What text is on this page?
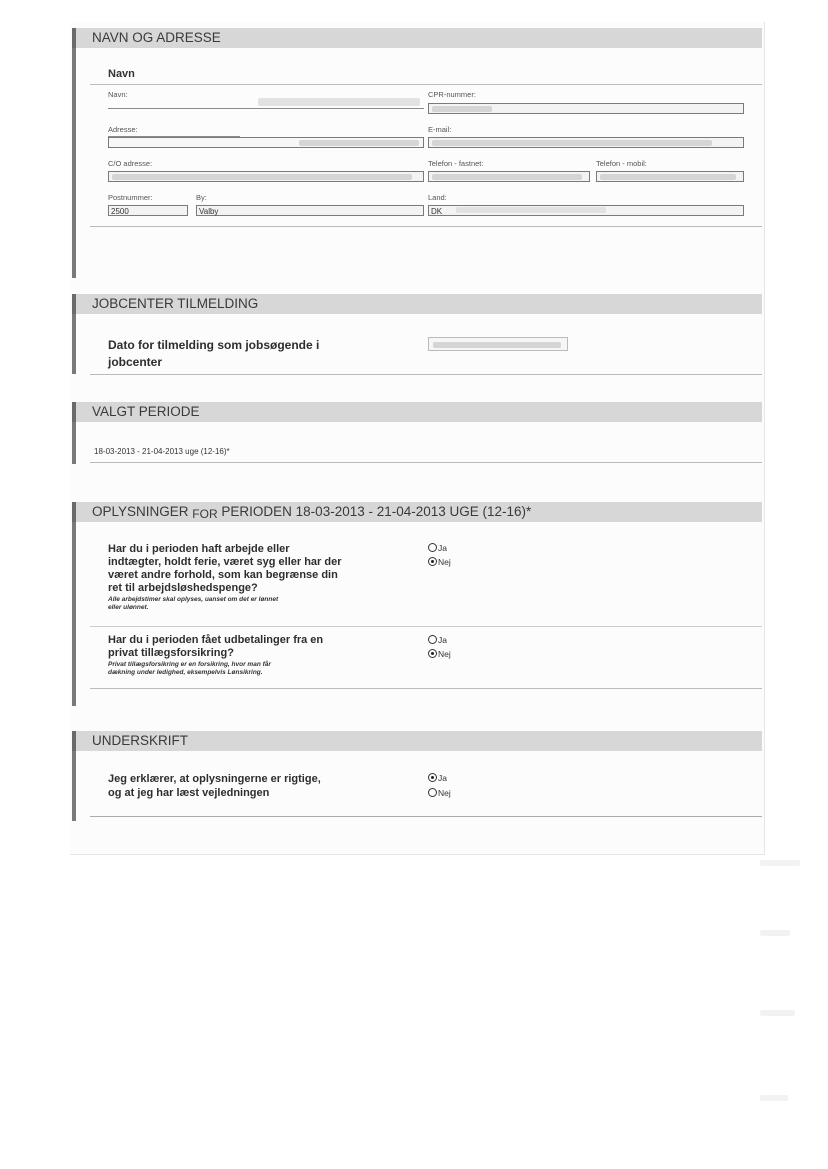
NAVN OG ADRESSE
Navn
Navn:	CPR-nummer:
Adresse:	E-mail:
C/O adresse:	Telefon - fastnet:	Telefon - mobil:
Postnummer:
2500
By:
Valby
Land:
DK
JOBCENTER TILMELDING
Dato for tilmelding som jobsøgende i
jobcenter
VALGT PERIODE
18-03-2013 - 21-04-2013 uge (12-16)*
OPLYSNINGER FOR PERIODEN 18-03-2013 - 21-04-2013 UGE (12-16)*
Har du i perioden haft arbejde eller
indtægter, holdt ferie, været syg eller har der
været andre forhold, som kan begrænse din
ret til arbejdsløshedspenge?
Alle arbejdstimer skal oplyses, uanset om det er lønnet
eller ulønnet.
Ja
Nej
Har du i perioden fået udbetalinger fra en
privat tillægsforsikring?
Privat tillægsforsikring er en forsikring, hvor man får
dækning under ledighed, eksempelvis Lønsikring.
Ja
Nej
UNDERSKRIFT
Jeg erklærer, at oplysningerne er rigtige,
og at jeg har læst vejledningen
Ja
Nej
